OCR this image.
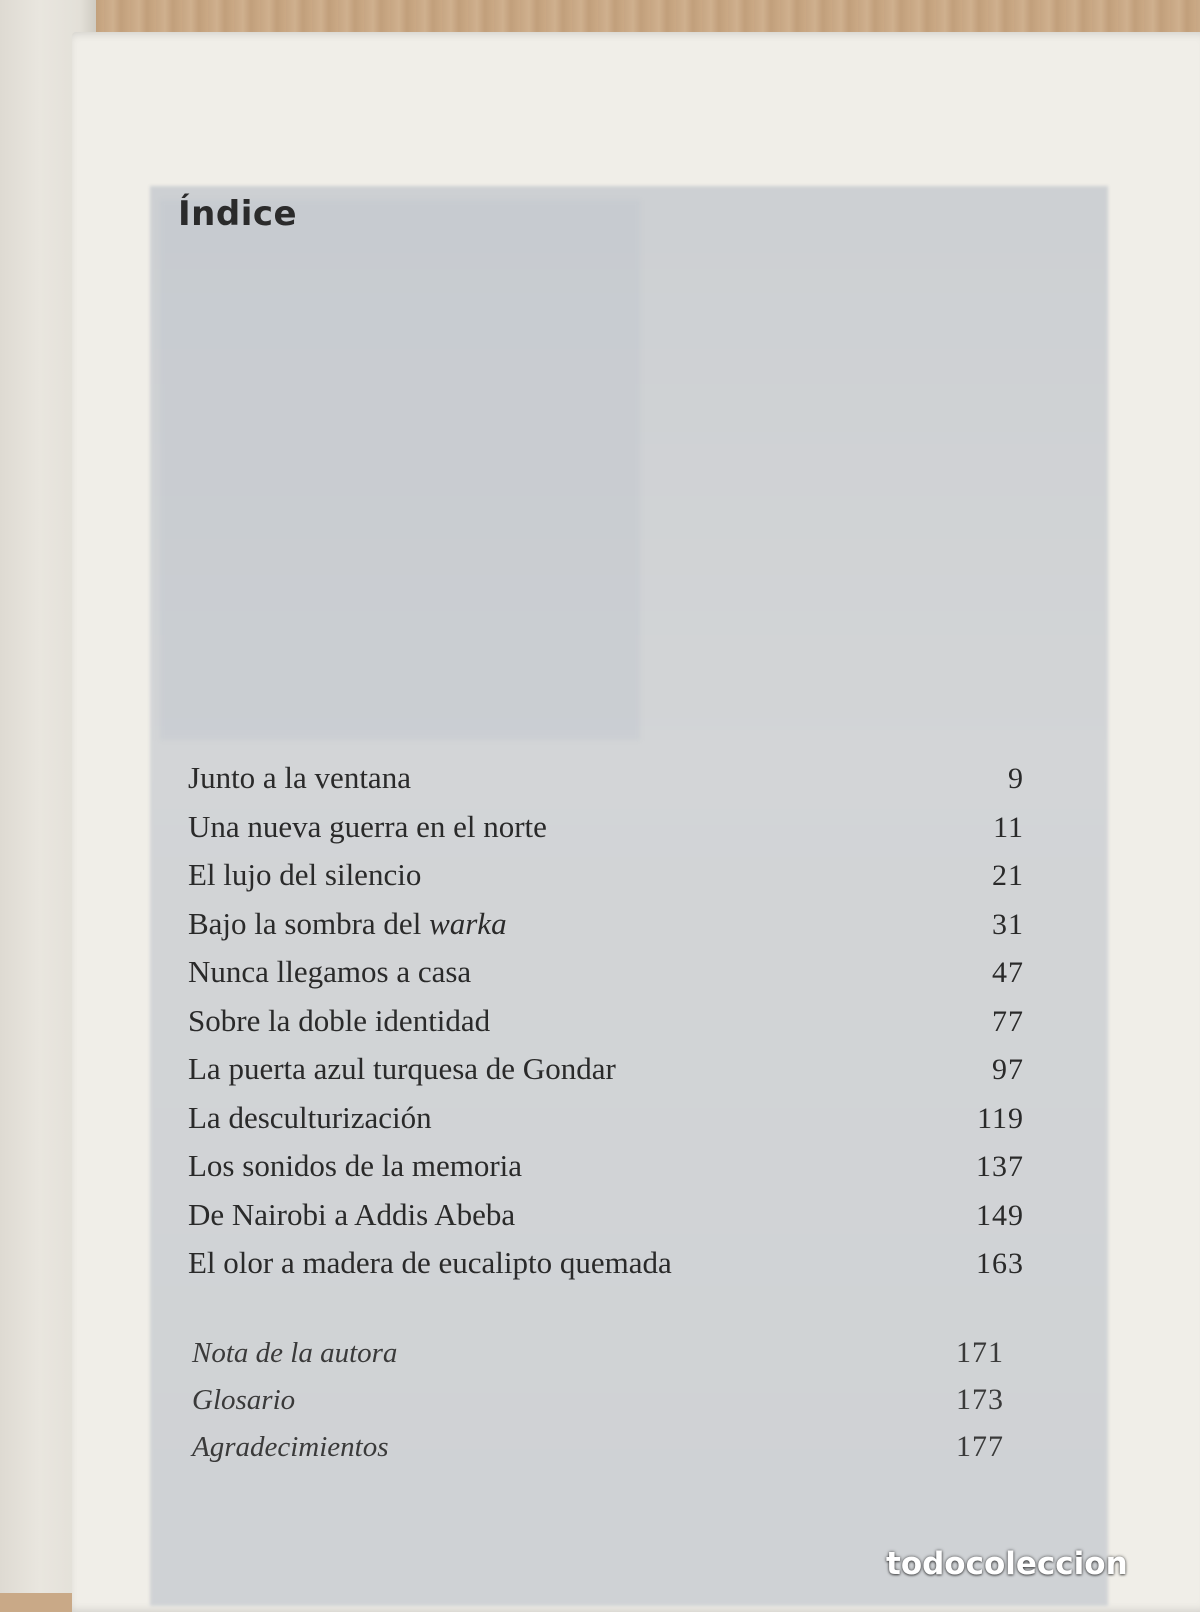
Índice
Junto a la ventana	9
Una nueva guerra en el norte	11
El lujo del silencio	21
Bajo la sombra del warka	31
Nunca llegamos a casa	47
Sobre la doble identidad	77
La puerta azul turquesa de Gondar	97
La desculturización	119
Los sonidos de la memoria	137
De Nairobi a Addis Abeba	149
El olor a madera de eucalipto quemada	163
Nota de la autora	171
Glosario	173
Agradecimientos	177
todocoleccion
